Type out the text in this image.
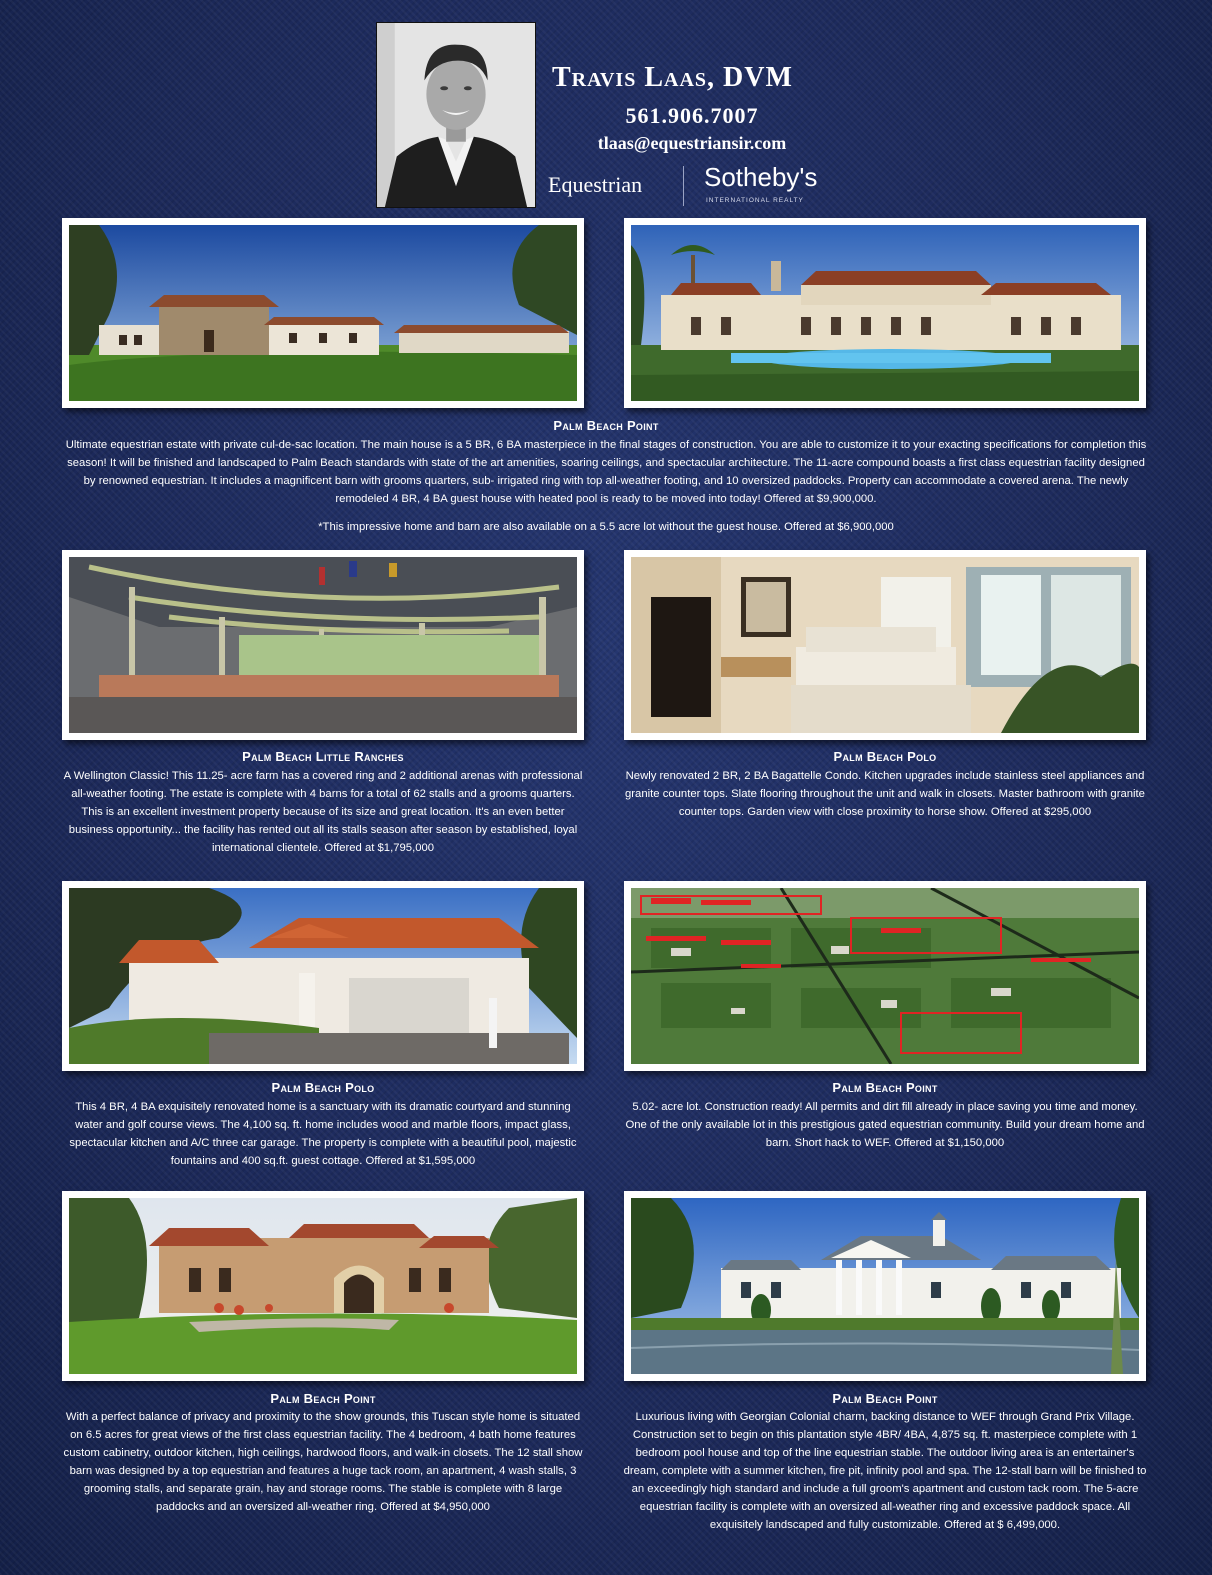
Travis Laas, DVM
561.906.7007
tlaas@equestriansir.com
Equestrian Sotheby's
INTERNATIONAL REALTY
Palm Beach Point
Ultimate equestrian estate with private cul-de-sac location. The main house is a 5 BR, 6 BA masterpiece in the final stages of construction. You are able to customize it to your exacting specifications for completion this season! It will be finished and landscaped to Palm Beach standards with state of the art amenities, soaring ceilings, and spectacular architecture. The 11-acre compound boasts a first class equestrian facility designed by renowned equestrian. It includes a magnificent barn with grooms quarters, sub- irrigated ring with top all-weather footing, and 10 oversized paddocks. Property can accommodate a covered arena. The newly remodeled 4 BR, 4 BA guest house with heated pool is ready to be moved into today! Offered at $9,900,000.
*This impressive home and barn are also available on a 5.5 acre lot without the guest house. Offered at $6,900,000
Palm Beach Little Ranches
A Wellington Classic! This 11.25- acre farm has a covered ring and 2 additional arenas with professional all-weather footing. The estate is complete with 4 barns for a total of 62 stalls and a grooms quarters. This is an excellent investment property because of its size and great location. It's an even better business opportunity... the facility has rented out all its stalls season after season by established, loyal international clientele. Offered at $1,795,000
Palm Beach Polo
Newly renovated 2 BR, 2 BA Bagattelle Condo. Kitchen upgrades include stainless steel appliances and granite counter tops. Slate flooring throughout the unit and walk in closets. Master bathroom with granite counter tops. Garden view with close proximity to horse show. Offered at $295,000
Palm Beach Polo
This 4 BR, 4 BA exquisitely renovated home is a sanctuary with its dramatic courtyard and stunning water and golf course views. The 4,100 sq. ft. home includes wood and marble floors, impact glass, spectacular kitchen and A/C three car garage. The property is complete with a beautiful pool, majestic fountains and 400 sq.ft. guest cottage. Offered at $1,595,000
Palm Beach Point
5.02- acre lot. Construction ready! All permits and dirt fill already in place saving you time and money. One of the only available lot in this prestigious gated equestrian community. Build your dream home and barn. Short hack to WEF. Offered at $1,150,000
Palm Beach Point
With a perfect balance of privacy and proximity to the show grounds, this Tuscan style home is situated on 6.5 acres for great views of the first class equestrian facility. The 4 bedroom, 4 bath home features custom cabinetry, outdoor kitchen, high ceilings, hardwood floors, and walk-in closets. The 12 stall show barn was designed by a top equestrian and features a huge tack room, an apartment, 4 wash stalls, 3 grooming stalls, and separate grain, hay and storage rooms. The stable is complete with 8 large paddocks and an oversized all-weather ring. Offered at $4,950,000
Palm Beach Point
Luxurious living with Georgian Colonial charm, backing distance to WEF through Grand Prix Village. Construction set to begin on this plantation style 4BR/ 4BA, 4,875 sq. ft. masterpiece complete with 1 bedroom pool house and top of the line equestrian stable. The outdoor living area is an entertainer's dream, complete with a summer kitchen, fire pit, infinity pool and spa. The 12-stall barn will be finished to an exceedingly high standard and include a full groom's apartment and custom tack room. The 5-acre equestrian facility is complete with an oversized all-weather ring and excessive paddock space. All exquisitely landscaped and fully customizable. Offered at $ 6,499,000.
